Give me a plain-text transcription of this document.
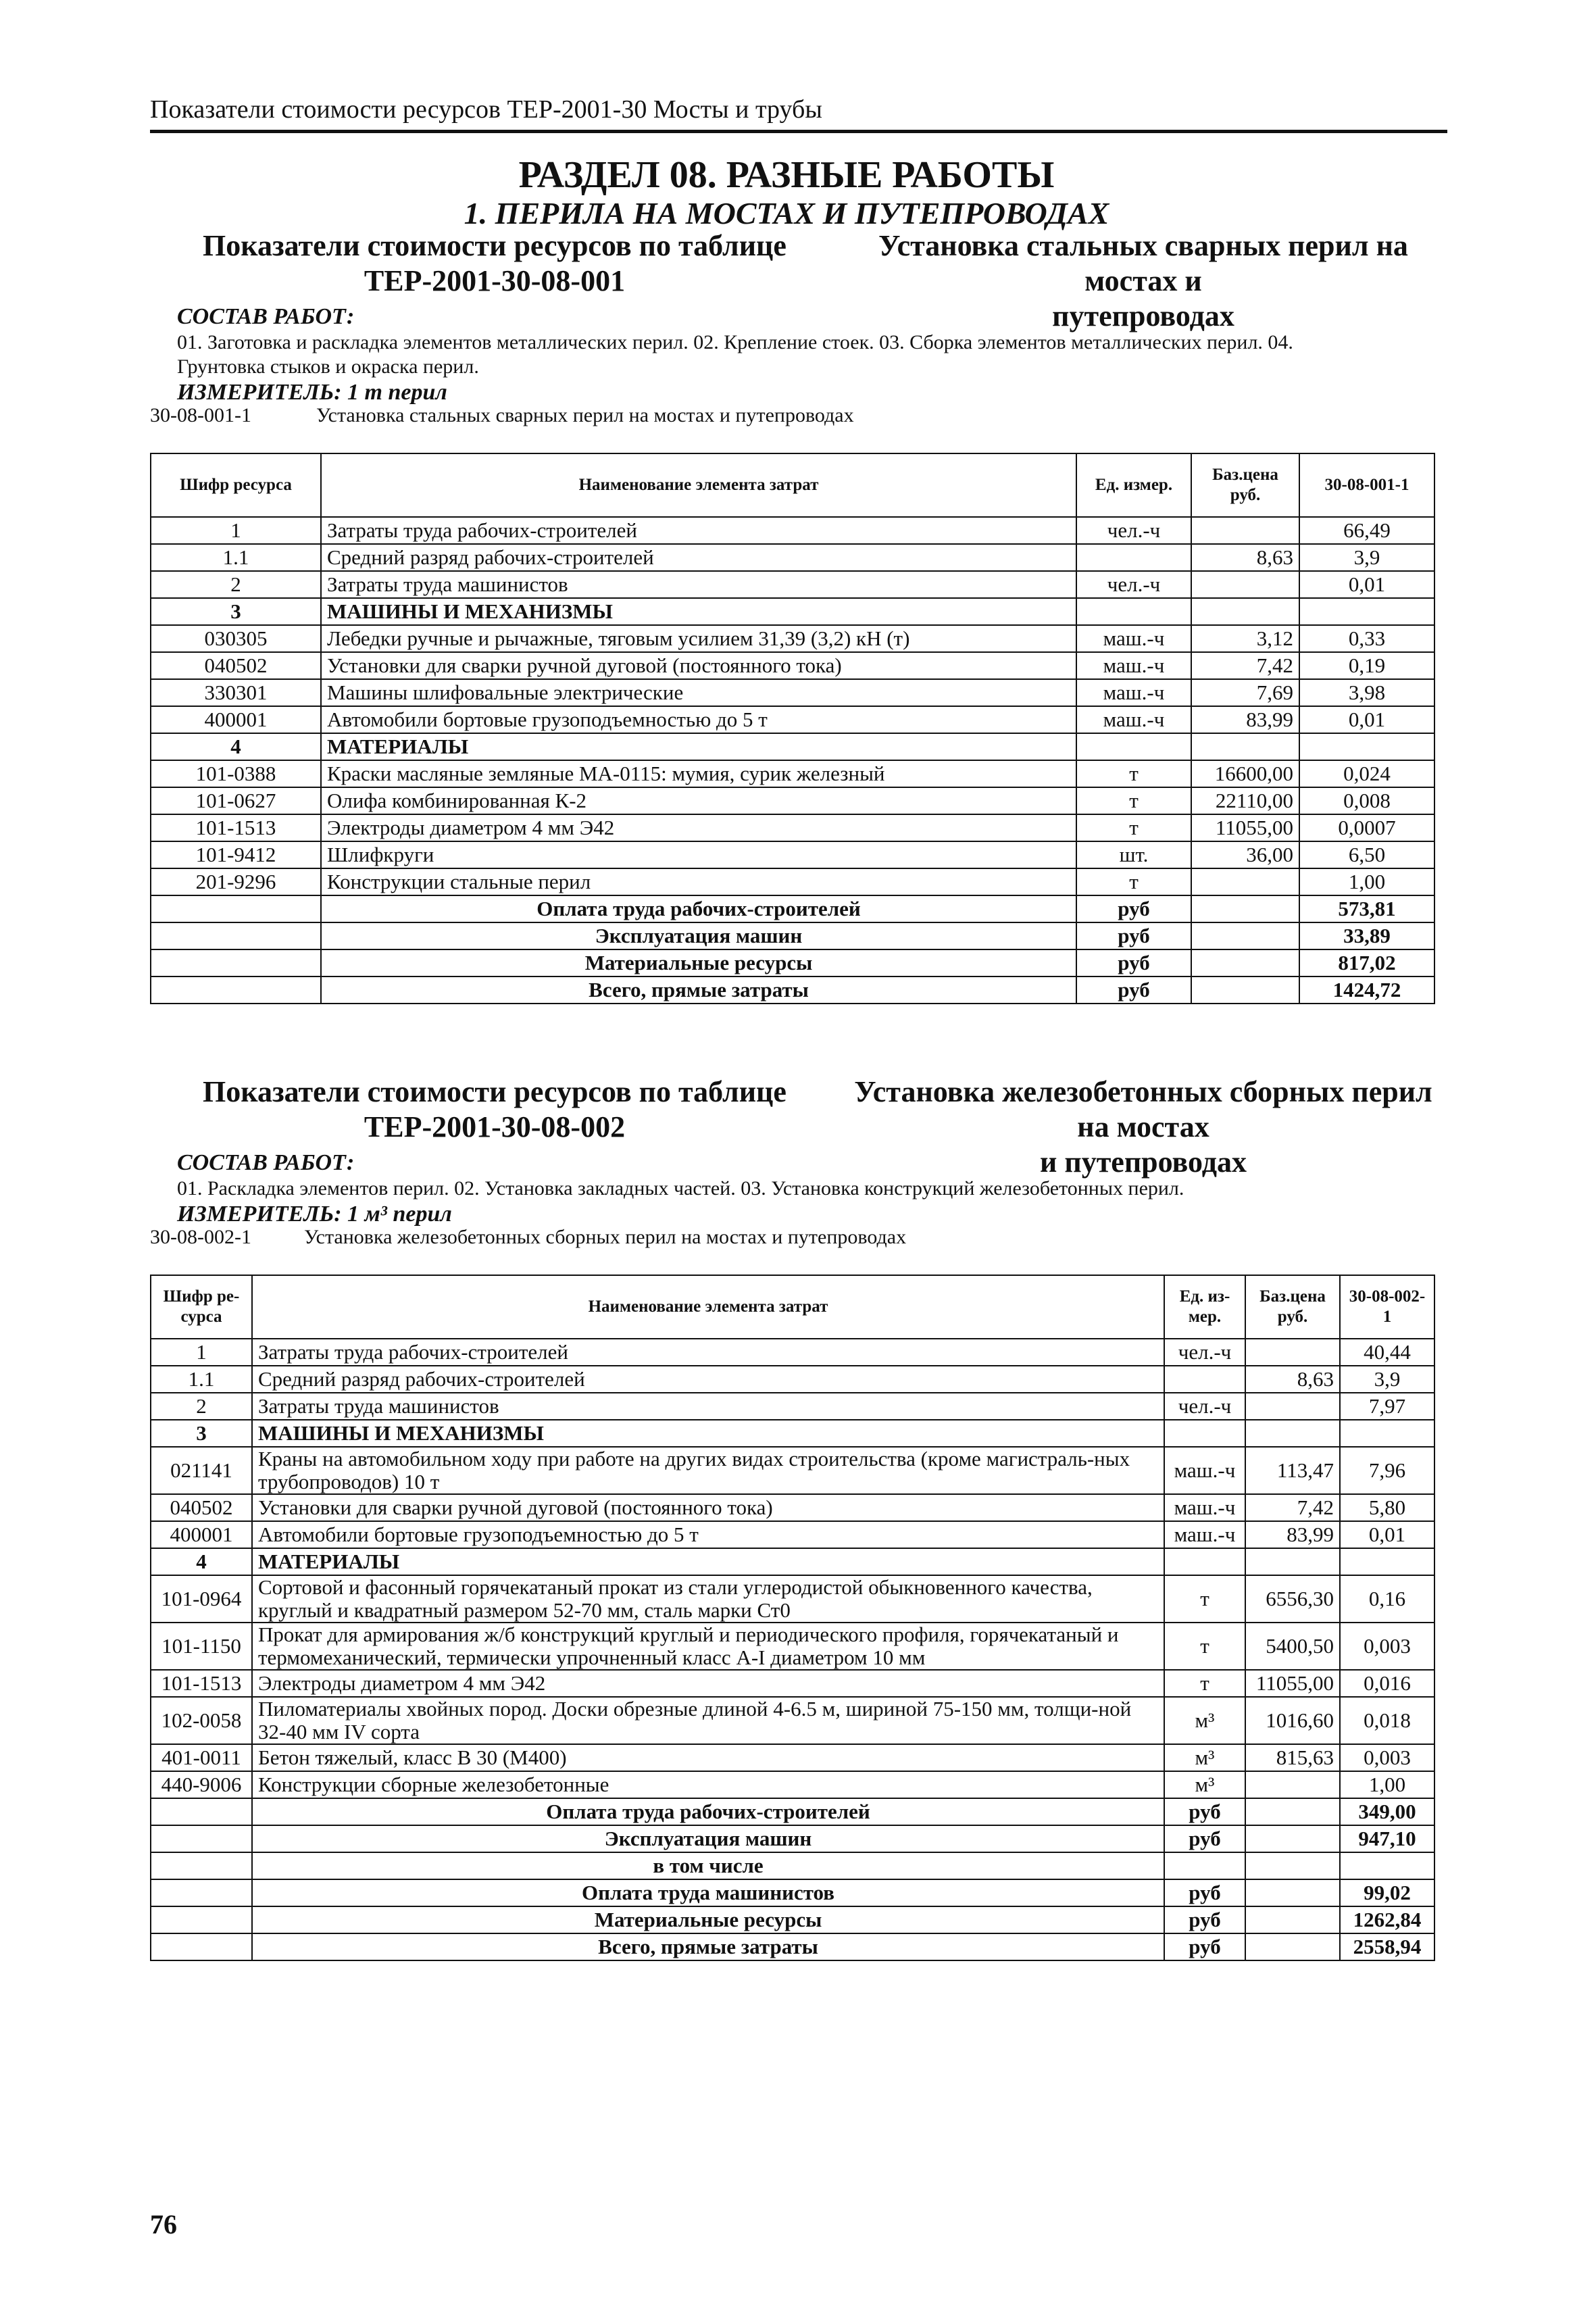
Показатели стоимости ресурсов ТЕР-2001-30 Мосты и трубы
РАЗДЕЛ 08. РАЗНЫЕ РАБОТЫ
1. ПЕРИЛА НА МОСТАХ И ПУТЕПРОВОДАХ
Показатели стоимости ресурсов по таблице
ТЕР-2001-30-08-001
Установка стальных сварных перил на мостах и
путепроводах
СОСТАВ РАБОТ:
01. Заготовка и раскладка элементов металлических перил. 02. Крепление стоек. 03. Сборка элементов металлических перил. 04.
Грунтовка стыков и окраска перил.
ИЗМЕРИТЕЛЬ: 1 т перил
30-08-001-1	Установка стальных сварных перил на мостах и путепроводах
Шифр ресурса	Наименование элемента затрат	Ед. измер.	Баз.цена руб.	30-08-001-1
1	Затраты труда рабочих-строителей	чел.-ч		66,49
1.1	Средний разряд рабочих-строителей		8,63	3,9
2	Затраты труда машинистов	чел.-ч		0,01
3	МАШИНЫ И МЕХАНИЗМЫ			
030305	Лебедки ручные и рычажные, тяговым усилием 31,39 (3,2) кН (т)	маш.-ч	3,12	0,33
040502	Установки для сварки ручной дуговой (постоянного тока)	маш.-ч	7,42	0,19
330301	Машины шлифовальные электрические	маш.-ч	7,69	3,98
400001	Автомобили бортовые грузоподъемностью до 5 т	маш.-ч	83,99	0,01
4	МАТЕРИАЛЫ			
101-0388	Краски масляные земляные МА-0115: мумия, сурик железный	т	16600,00	0,024
101-0627	Олифа комбинированная К-2	т	22110,00	0,008
101-1513	Электроды диаметром 4 мм Э42	т	11055,00	0,0007
101-9412	Шлифкруги	шт.	36,00	6,50
201-9296	Конструкции стальные перил	т		1,00
	Оплата труда рабочих-строителей	руб		573,81
	Эксплуатация машин	руб		33,89
	Материальные ресурсы	руб		817,02
	Всего, прямые затраты	руб		1424,72
Показатели стоимости ресурсов по таблице
ТЕР-2001-30-08-002
Установка железобетонных сборных перил на мостах
и путепроводах
СОСТАВ РАБОТ:
01. Раскладка элементов перил. 02. Установка закладных частей. 03. Установка конструкций железобетонных перил.
ИЗМЕРИТЕЛЬ: 1 м³ перил
30-08-002-1	Установка железобетонных сборных перил на мостах и путепроводах
Шифр ре-сурса	Наименование элемента затрат	Ед. из-мер.	Баз.цена руб.	30-08-002-1
1	Затраты труда рабочих-строителей	чел.-ч		40,44
1.1	Средний разряд рабочих-строителей		8,63	3,9
2	Затраты труда машинистов	чел.-ч		7,97
3	МАШИНЫ И МЕХАНИЗМЫ			
021141	Краны на автомобильном ходу при работе на других видах строительства (кроме магистраль-ных трубопроводов) 10 т	маш.-ч	113,47	7,96
040502	Установки для сварки ручной дуговой (постоянного тока)	маш.-ч	7,42	5,80
400001	Автомобили бортовые грузоподъемностью до 5 т	маш.-ч	83,99	0,01
4	МАТЕРИАЛЫ			
101-0964	Сортовой и фасонный горячекатаный прокат из стали углеродистой обыкновенного качества, круглый и квадратный размером 52-70 мм, сталь марки Ст0	т	6556,30	0,16
101-1150	Прокат для армирования ж/б конструкций круглый и периодического профиля, горячекатаный и термомеханический, термически упрочненный класс А-I диаметром 10 мм	т	5400,50	0,003
101-1513	Электроды диаметром 4 мм Э42	т	11055,00	0,016
102-0058	Пиломатериалы хвойных пород. Доски обрезные длиной 4-6.5 м, шириной 75-150 мм, толщи-ной 32-40 мм IV сорта	м³	1016,60	0,018
401-0011	Бетон тяжелый, класс В 30 (М400)	м³	815,63	0,003
440-9006	Конструкции сборные железобетонные	м³		1,00
	Оплата труда рабочих-строителей	руб		349,00
	Эксплуатация машин	руб		947,10
	в том числе			
	Оплата труда машинистов	руб		99,02
	Материальные ресурсы	руб		1262,84
	Всего, прямые затраты	руб		2558,94
76
